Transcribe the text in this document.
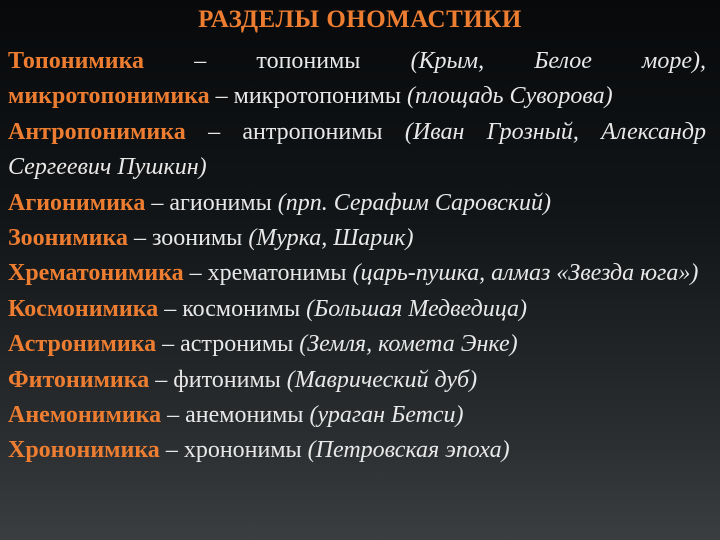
РАЗДЕЛЫ ОНОМАСТИКИ

Топонимика – топонимы (Крым, Белое море),

микротопонимика – микротопонимы (площадь Суворова)

Антропонимика – антропонимы (Иван Грозный, Александр Сергеевич Пушкин)

Агионимика – агионимы (прп. Серафим Саровский)

Зоонимика – зоонимы (Мурка, Шарик)

Хрематонимика – хрематонимы (царь-пушка, алмаз «Звезда юга»)

Космонимика – космонимы (Большая Медведица)

Астронимика – астронимы (Земля, комета Энке)

Фитонимика – фитонимы (Маврический дуб)

Анемонимика – анемонимы (ураган Бетси)

Хрононимика – хрононимы (Петровская эпоха)
